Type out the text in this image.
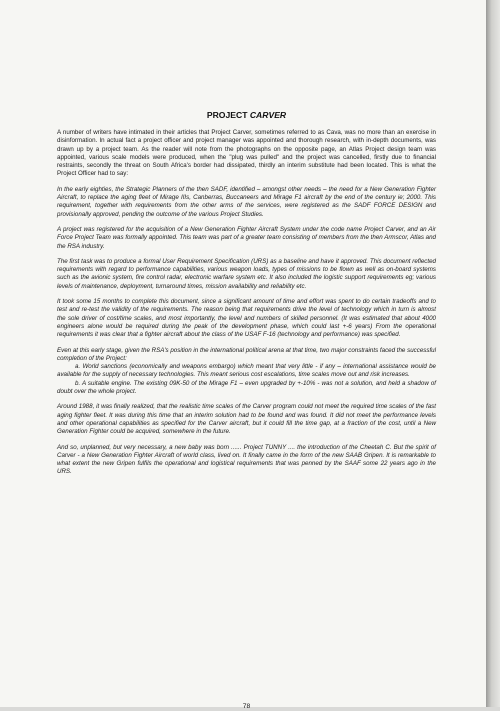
PROJECT CARVER

A number of writers have intimated in their articles that Project Carver, sometimes referred to as Cava, was no more than an exercise in disinformation. In actual fact a project officer and project manager was appointed and thorough research, with in-depth documents, was drawn up by a project team. As the reader will note from the photographs on the opposite page, an Atlas Project design team was appointed, various scale models were produced, when the "plug was pulled" and the project was cancelled, firstly due to financial restraints, secondly the threat on South Africa's border had dissipated, thirdly an interim substitute had been located. This is what the Project Officer had to say:

In the early eighties, the Strategic Planners of the then SADF, identified – amongst other needs – the need for a New Generation Fighter Aircraft, to replace the aging fleet of Mirage IIIs, Canberras, Buccaneers and Mirage F1 aircraft by the end of the century ie; 2000. This requirement, together with requirements from the other arms of the services, were registered as the SADF FORCE DESIGN and provisionally approved, pending the outcome of the various Project Studies.

A project was registered for the acquisition of a New Generation Fighter Aircraft System under the code name Project Carver, and an Air Force Project Team was formally appointed. This team was part of a greater team consisting of members from the then Armscor, Atlas and the RSA industry.

The first task was to produce a formal User Requirement Specification (URS) as a baseline and have it approved. This document reflected requirements with regard to performance capabilities, various weapon loads, types of missions to be flown as well as on-board systems such as the avionic system, fire control radar, electronic warfare system etc. It also included the logistic support requirements eg; various levels of maintenance, deployment, turnaround times, mission availability and reliability etc.

It took some 15 months to complete this document, since a significant amount of time and effort was spent to do certain tradeoffs and to test and re-test the validity of the requirements. The reason being that requirements drive the level of technology which in turn is almost the sole driver of cost/time scales, and most importantly, the level and numbers of skilled personnel. (It was estimated that about 4000 engineers alone would be required during the peak of the development phase, which could last +-6 years) From the operational requirements it was clear that a fighter aircraft about the class of the USAF F-16 (technology and performance) was specified.

Even at this early stage, given the RSA's position in the international political arena at that time, two major constraints faced the successful completion of the Project:

a. World sanctions (economically and weapons embargo) which meant that very little - if any – international assistance would be available for the supply of necessary technologies. This meant serious cost escalations, time scales move out and risk increases.

b. A suitable engine. The existing 09K-50 of the Mirage F1 – even upgraded by +-10% - was not a solution, and held a shadow of doubt over the whole project.

Around 1988, it was finally realized, that the realistic time scales of the Carver program could not meet the required time scales of the fast aging fighter fleet. It was during this time that an interim solution had to be found and was found. It did not meet the performance levels and other operational capabilities as specified for the Carver aircraft, but it could fill the time gap, at a fraction of the cost, until a New Generation Fighter could be acquired, somewhere in the future.

And so, unplanned, but very necessary, a new baby was born ...... Project TUNNY .... the introduction of the Cheetah C. But the spirit of Carver - a New Generation Fighter Aircraft of world class, lived on. It finally came in the form of the new SAAB Gripen. It is remarkable to what extent the new Gripen fulfils the operational and logistical requirements that was penned by the SAAF some 22 years ago in the URS.

78
